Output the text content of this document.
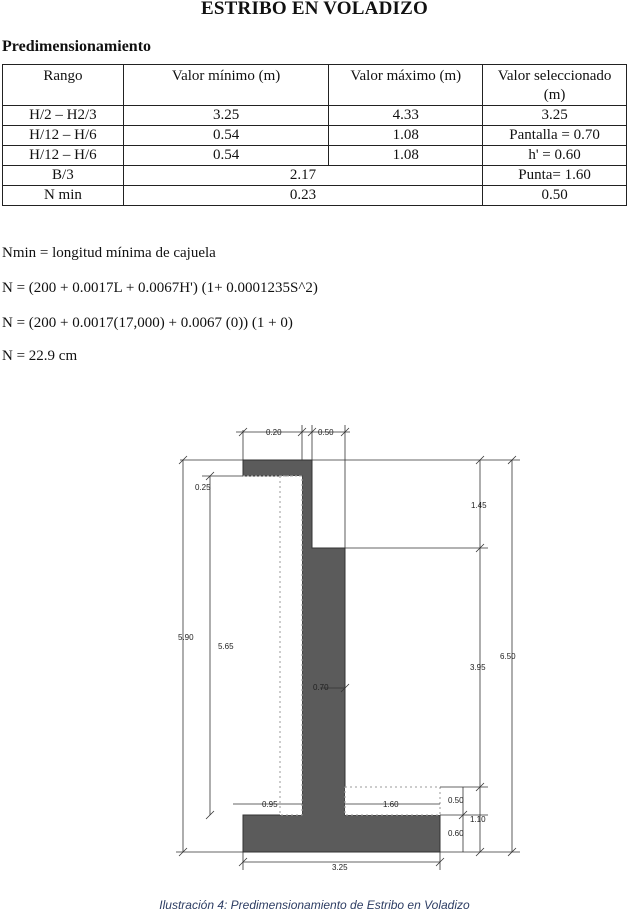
ESTRIBO EN VOLADIZO
Predimensionamiento
Rango	Valor mínimo (m)	Valor máximo (m)	Valor seleccionado (m)
H/2 – H2/3	3.25	4.33	3.25
H/12 – H/6	0.54	1.08	Pantalla = 0.70
H/12 – H/6	0.54	1.08	h' = 0.60
B/3	2.17		Punta= 1.60
N min	0.23		0.50
Nmin = longitud mínima de cajuela
N = (200 + 0.0017L + 0.0067H') (1+ 0.0001235S^2)
N = (200 + 0.0017(17,000) + 0.0067 (0)) (1 + 0)
N = 22.9 cm
0.20	0.50
0.25
1.45
5.90
5.65
0.70
3.95
6.50
0.95	1.60	0.50
1.10
0.60
3.25
Ilustración 4: Predimensionamiento de Estribo en Voladizo
